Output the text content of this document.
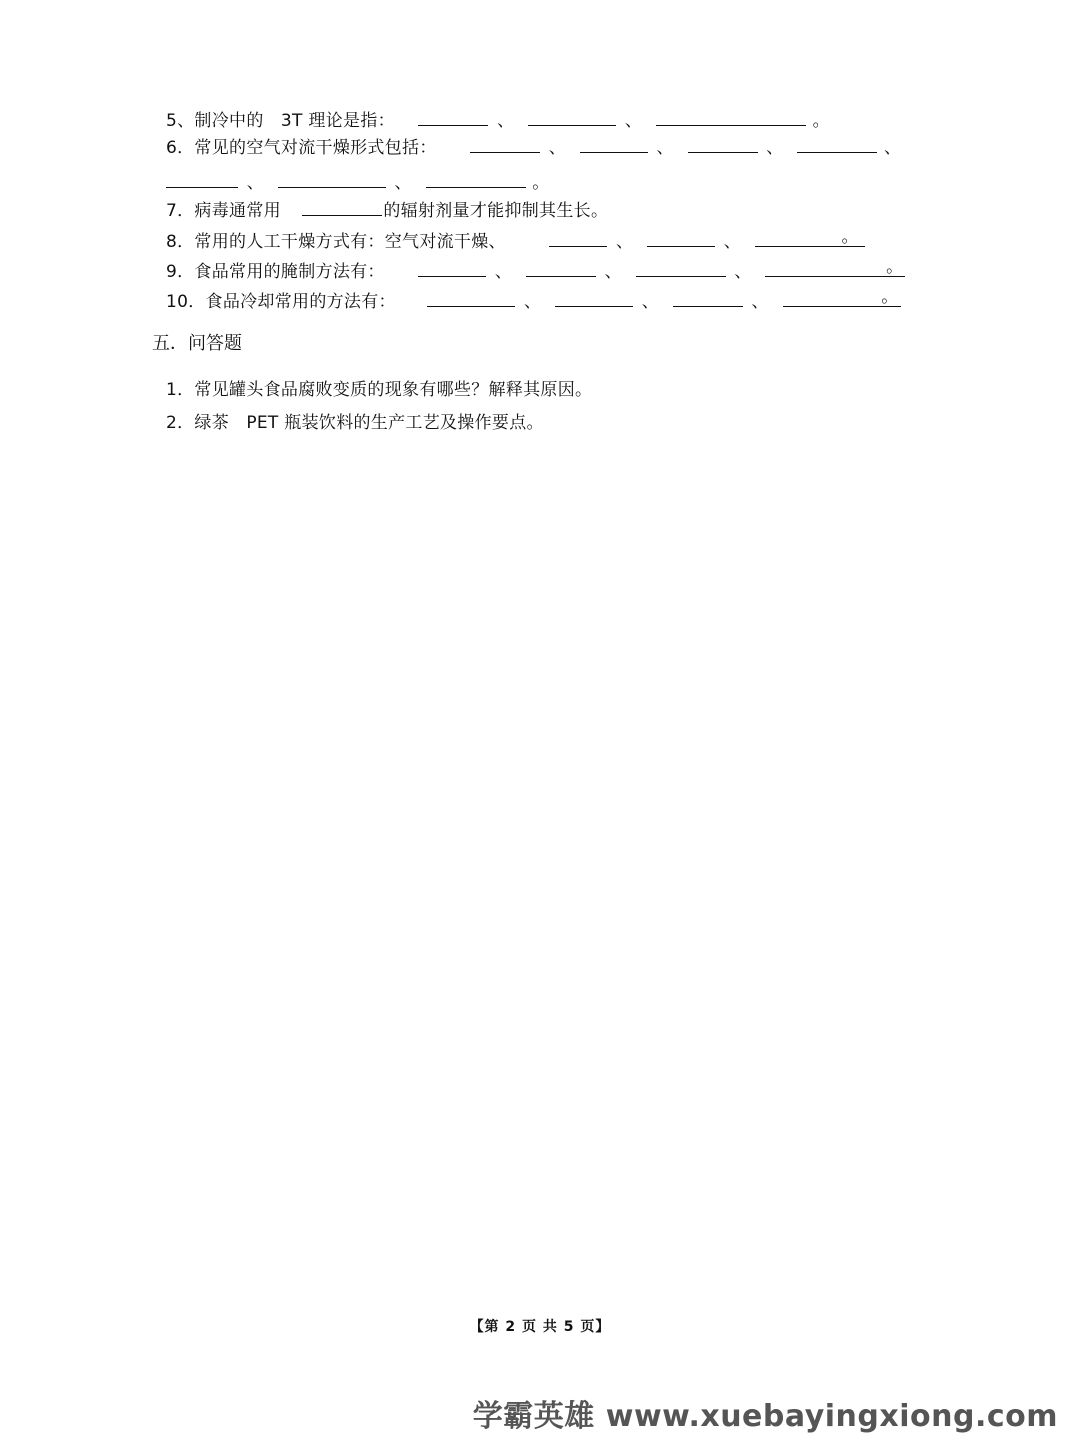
5、制冷中的　3T 理论是指：	、	、	。
6．常见的空气对流干燥形式包括：	、	、	、	、
、	、	。
7．病毒通常用	的辐射剂量才能抑制其生长。
8．常用的人工干燥方式有：空气对流干燥、	、	、	。
9．食品常用的腌制方法有：	、	、	、	。
10．食品冷却常用的方法有：	、	、	、	。
五．问答题
1．常见罐头食品腐败变质的现象有哪些？解释其原因。
2．绿茶　PET 瓶装饮料的生产工艺及操作要点。
【第 2 页 共 5 页】
学霸英雄 www.xuebayingxiong.com
